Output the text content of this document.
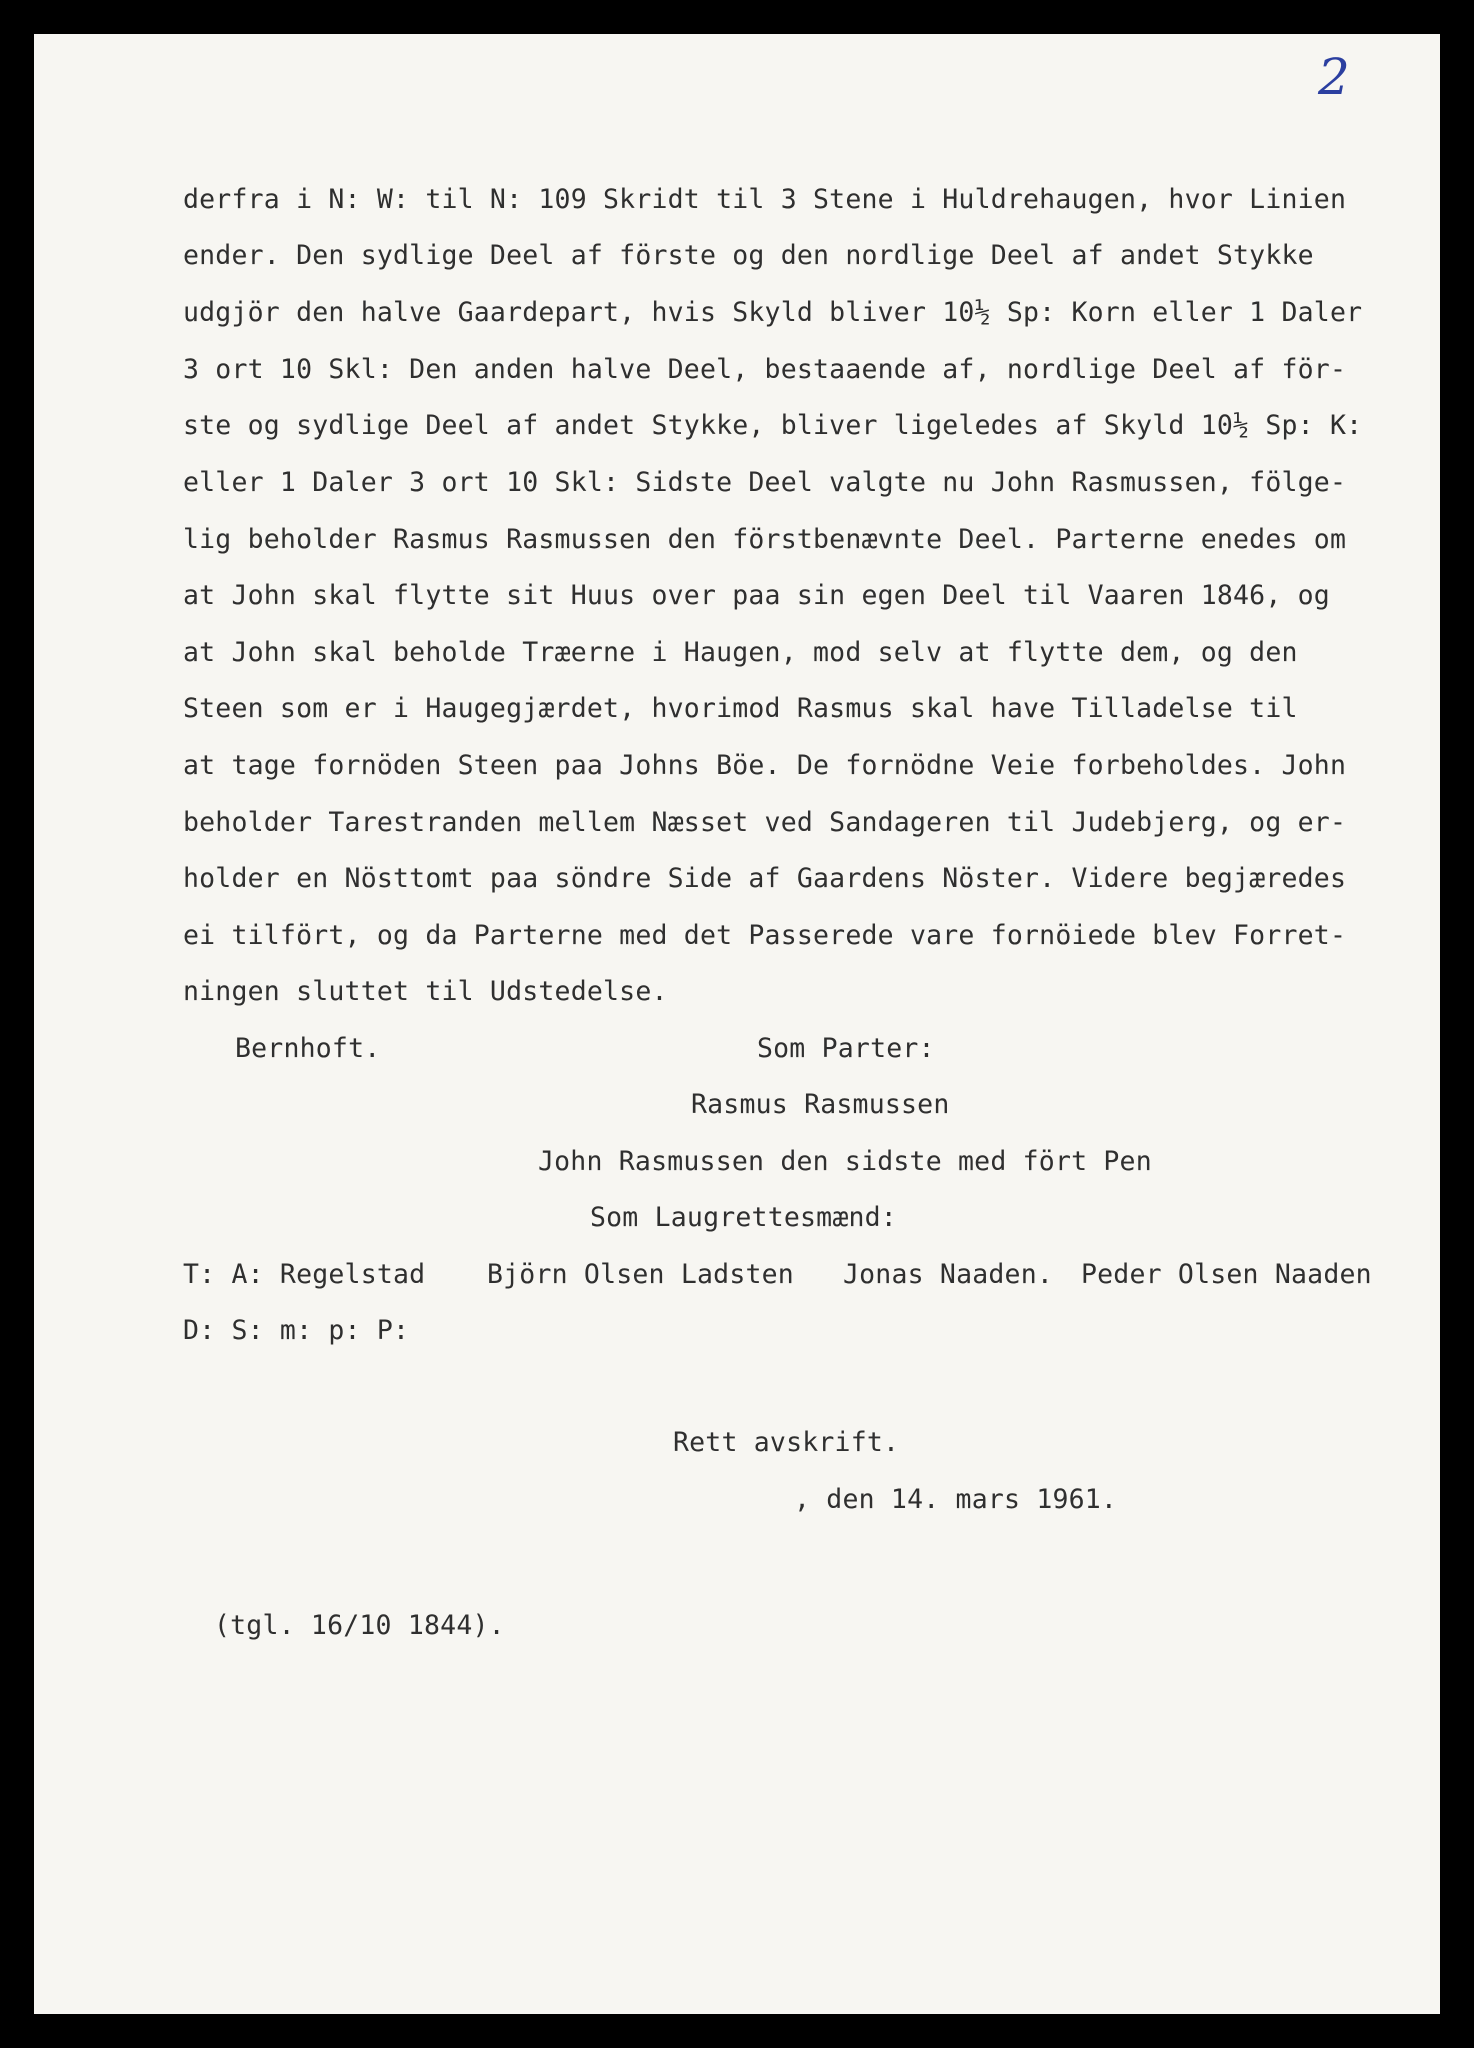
2
derfra i N: W: til N: 109 Skridt til 3 Stene i Huldrehaugen, hvor Linien
ender. Den sydlige Deel af förste og den nordlige Deel af andet Stykke
udgjör den halve Gaardepart, hvis Skyld bliver 10½ Sp: Korn eller 1 Daler
3 ort 10 Skl: Den anden halve Deel, bestaaende af, nordlige Deel af för-
ste og sydlige Deel af andet Stykke, bliver ligeledes af Skyld 10½ Sp: K:
eller 1 Daler 3 ort 10 Skl: Sidste Deel valgte nu John Rasmussen, fölge-
lig beholder Rasmus Rasmussen den förstbenævnte Deel. Parterne enedes om
at John skal flytte sit Huus over paa sin egen Deel til Vaaren 1846, og
at John skal beholde Træerne i Haugen, mod selv at flytte dem, og den
Steen som er i Haugegjærdet, hvorimod Rasmus skal have Tilladelse til
at tage fornöden Steen paa Johns Böe. De fornödne Veie forbeholdes. John
beholder Tarestranden mellem Næsset ved Sandageren til Judebjerg, og er-
holder en Nösttomt paa söndre Side af Gaardens Nöster. Videre begjæredes
ei tilfört, og da Parterne med det Passerede vare fornöiede blev Forret-
ningen sluttet til Udstedelse.
Bernhoft.	Som Parter:
Rasmus Rasmussen
John Rasmussen den sidste med fört Pen
Som Laugrettesmænd:
T: A: Regelstad Björn Olsen Ladsten Jonas Naaden. Peder Olsen Naaden
D: S: m: p: P:
Rett avskrift.
, den 14. mars 1961.
(tgl. 16/10 1844).
